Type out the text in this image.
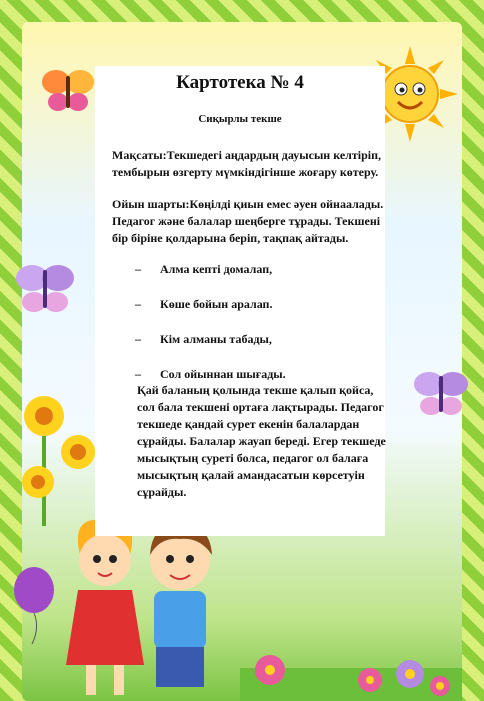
Картотека № 4
Сиқырлы текше
Мақсаты:Текшедегі аңдардың дауысын келтіріп, тембырын өзгерту мүмкіндігінше жоғару көтеру.
Ойын шарты:Көңілді қиын емес әуен ойнаалады. Педагог және балалар шеңберге тұрады. Текшені бір біріне қолдарына беріп, тақпақ айтады.
– Алма кепті домалап,
– Көше бойын аралап.
– Кім алманы табады,
– Сол ойыннан шығады.
Қай баланың қолында текше қалып қойса, сол бала текшені ортаға лақтырады. Педагог текшеде қандай сурет екенін балалардан сұрайды. Балалар жауап береді. Егер текшеде мысықтың суреті болса, педагог ол балаға мысықтың қалай амандасатын көрсетуін сұрайды.
